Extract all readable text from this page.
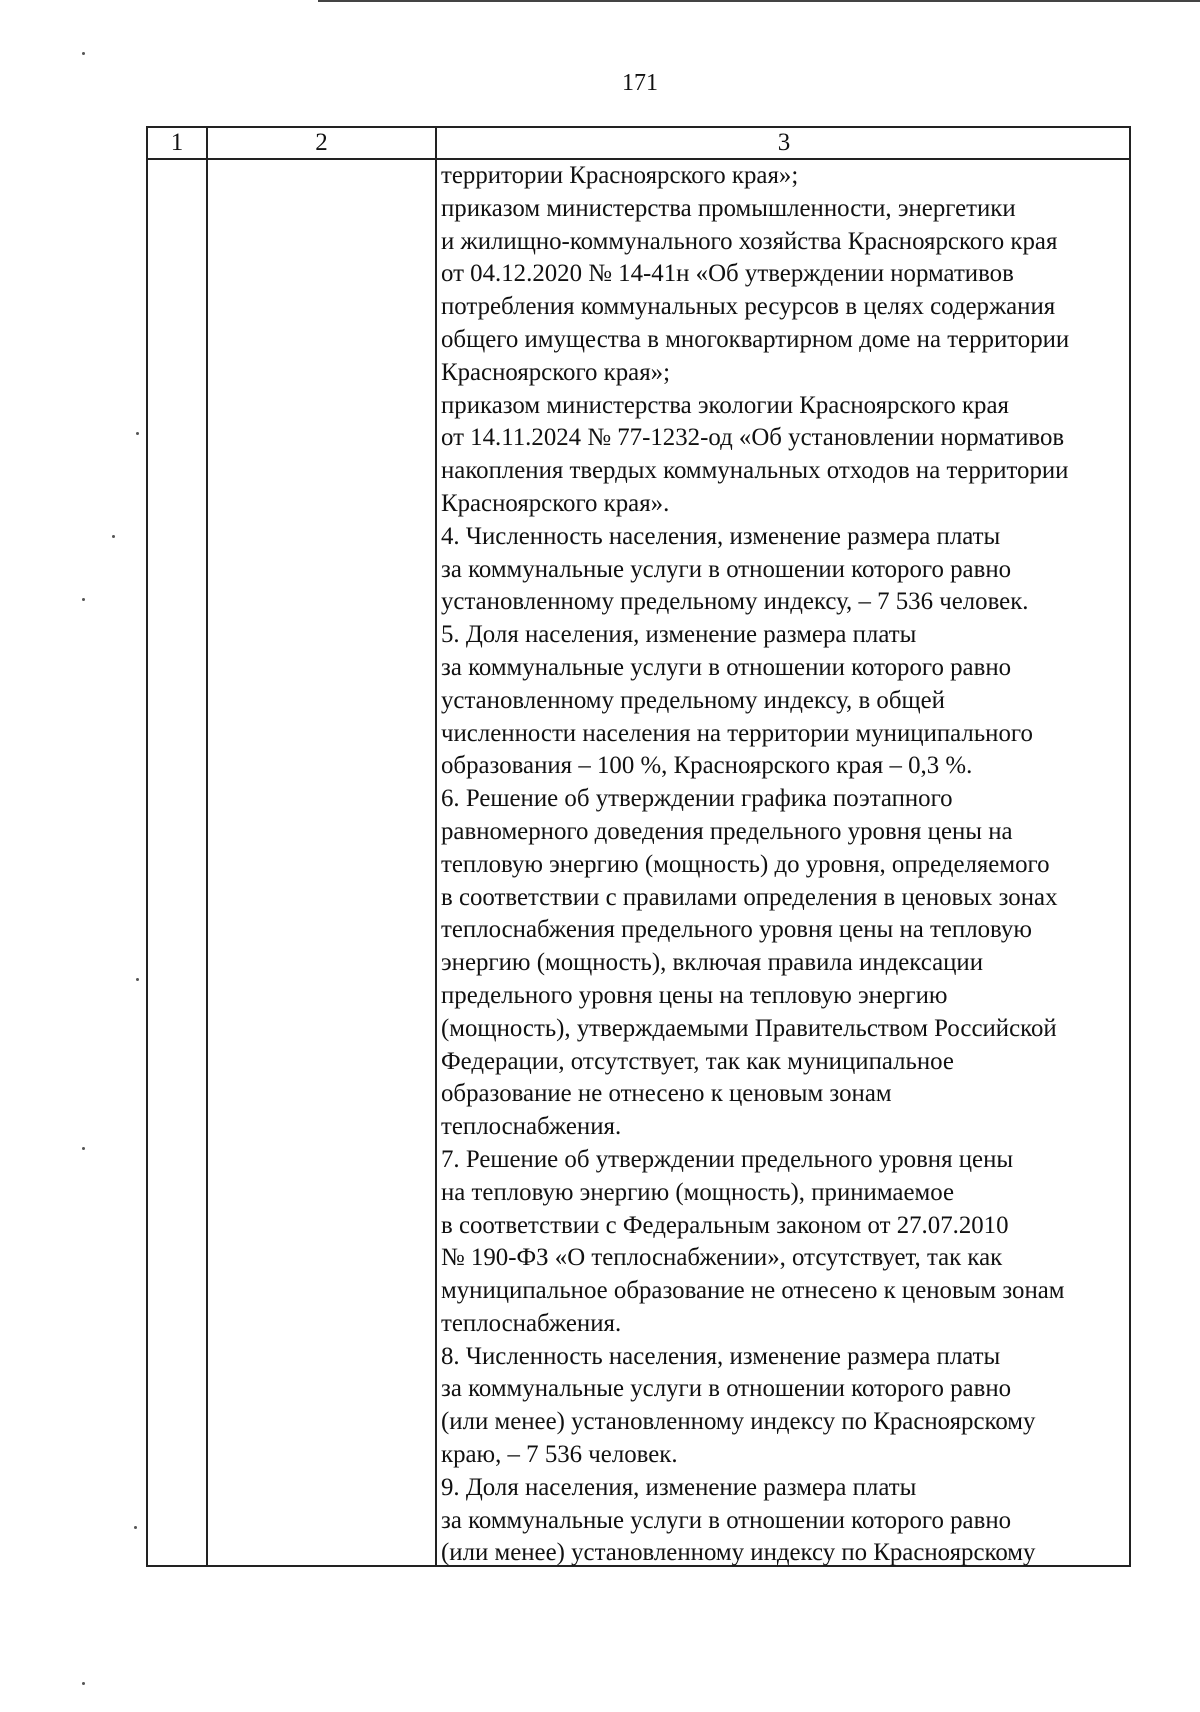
171
1	2	3
территории Красноярского края»;
приказом министерства промышленности, энергетики
и жилищно-коммунального хозяйства Красноярского края
от 04.12.2020 № 14-41н «Об утверждении нормативов
потребления коммунальных ресурсов в целях содержания
общего имущества в многоквартирном доме на территории
Красноярского края»;
приказом министерства экологии Красноярского края
от 14.11.2024 № 77-1232-од «Об установлении нормативов
накопления твердых коммунальных отходов на территории
Красноярского края».
4. Численность населения, изменение размера платы
за коммунальные услуги в отношении которого равно
установленному предельному индексу, – 7 536 человек.
5. Доля населения, изменение размера платы
за коммунальные услуги в отношении которого равно
установленному предельному индексу, в общей
численности населения на территории муниципального
образования – 100 %, Красноярского края – 0,3 %.
6. Решение об утверждении графика поэтапного
равномерного доведения предельного уровня цены на
тепловую энергию (мощность) до уровня, определяемого
в соответствии с правилами определения в ценовых зонах
теплоснабжения предельного уровня цены на тепловую
энергию (мощность), включая правила индексации
предельного уровня цены на тепловую энергию
(мощность), утверждаемыми Правительством Российской
Федерации, отсутствует, так как муниципальное
образование не отнесено к ценовым зонам
теплоснабжения.
7. Решение об утверждении предельного уровня цены
на тепловую энергию (мощность), принимаемое
в соответствии с Федеральным законом от 27.07.2010
№ 190-ФЗ «О теплоснабжении», отсутствует, так как
муниципальное образование не отнесено к ценовым зонам
теплоснабжения.
8. Численность населения, изменение размера платы
за коммунальные услуги в отношении которого равно
(или менее) установленному индексу по Красноярскому
краю, – 7 536 человек.
9. Доля населения, изменение размера платы
за коммунальные услуги в отношении которого равно
(или менее) установленному индексу по Красноярскому
